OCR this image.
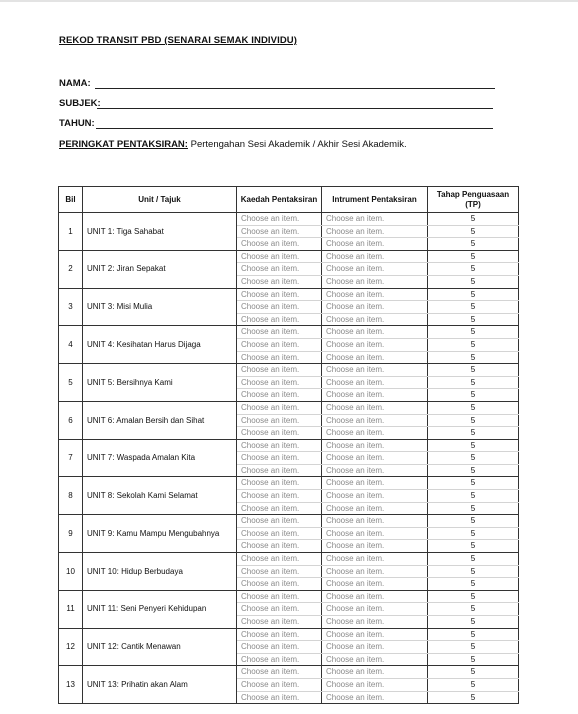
REKOD TRANSIT PBD (SENARAI SEMAK INDIVIDU)
NAMA:
SUBJEK:
TAHUN:
PERINGKAT PENTAKSIRAN: Pertengahan Sesi Akademik / Akhir Sesi Akademik.
Bil	Unit / Tajuk	Kaedah Pentaksiran	Intrument Pentaksiran	Tahap Penguasaan (TP)
1	UNIT 1: Tiga Sahabat	Choose an item.	Choose an item.	5
		Choose an item.	Choose an item.	5
		Choose an item.	Choose an item.	5
2	UNIT 2: Jiran Sepakat	Choose an item.	Choose an item.	5
		Choose an item.	Choose an item.	5
		Choose an item.	Choose an item.	5
3	UNIT 3: Misi Mulia	Choose an item.	Choose an item.	5
		Choose an item.	Choose an item.	5
		Choose an item.	Choose an item.	5
4	UNIT 4: Kesihatan Harus Dijaga	Choose an item.	Choose an item.	5
		Choose an item.	Choose an item.	5
		Choose an item.	Choose an item.	5
5	UNIT 5: Bersihnya Kami	Choose an item.	Choose an item.	5
		Choose an item.	Choose an item.	5
		Choose an item.	Choose an item.	5
6	UNIT 6: Amalan Bersih dan Sihat	Choose an item.	Choose an item.	5
		Choose an item.	Choose an item.	5
		Choose an item.	Choose an item.	5
7	UNIT 7: Waspada Amalan Kita	Choose an item.	Choose an item.	5
		Choose an item.	Choose an item.	5
		Choose an item.	Choose an item.	5
8	UNIT 8: Sekolah Kami Selamat	Choose an item.	Choose an item.	5
		Choose an item.	Choose an item.	5
		Choose an item.	Choose an item.	5
9	UNIT 9: Kamu Mampu Mengubahnya	Choose an item.	Choose an item.	5
		Choose an item.	Choose an item.	5
		Choose an item.	Choose an item.	5
10	UNIT 10: Hidup Berbudaya	Choose an item.	Choose an item.	5
		Choose an item.	Choose an item.	5
		Choose an item.	Choose an item.	5
11	UNIT 11: Seni Penyeri Kehidupan	Choose an item.	Choose an item.	5
		Choose an item.	Choose an item.	5
		Choose an item.	Choose an item.	5
12	UNIT 12: Cantik Menawan	Choose an item.	Choose an item.	5
		Choose an item.	Choose an item.	5
		Choose an item.	Choose an item.	5
13	UNIT 13: Prihatin akan Alam	Choose an item.	Choose an item.	5
		Choose an item.	Choose an item.	5
		Choose an item.	Choose an item.	5
